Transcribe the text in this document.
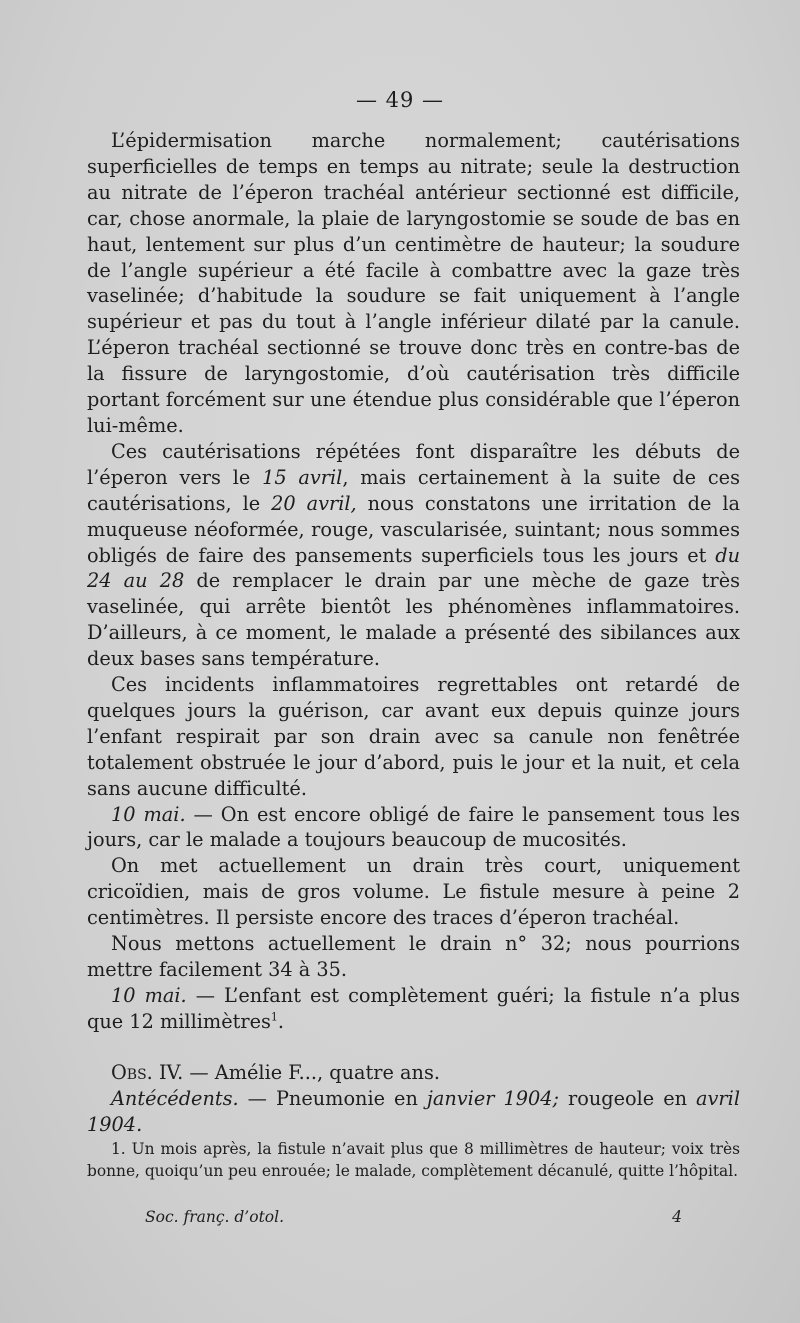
— 49 —

L’épidermisation marche normalement; cautérisations superficielles de temps en temps au nitrate; seule la destruction au nitrate de l’éperon trachéal antérieur sectionné est difficile, car, chose anormale, la plaie de laryngostomie se soude de bas en haut, lentement sur plus d’un centimètre de hauteur; la soudure de l’angle supérieur a été facile à combattre avec la gaze très vaselinée; d’habitude la soudure se fait uniquement à l’angle supérieur et pas du tout à l’angle inférieur dilaté par la canule. L’éperon trachéal sectionné se trouve donc très en contre-bas de la fissure de laryngostomie, d’où cautérisation très difficile portant forcément sur une étendue plus considérable que l’éperon lui-même.

Ces cautérisations répétées font disparaître les débuts de l’éperon vers le 15 avril, mais certainement à la suite de ces cautérisations, le 20 avril, nous constatons une irritation de la muqueuse néoformée, rouge, vascularisée, suintant; nous sommes obligés de faire des pansements superficiels tous les jours et du 24 au 28 de remplacer le drain par une mèche de gaze très vaselinée, qui arrête bientôt les phénomènes inflammatoires. D’ailleurs, à ce moment, le malade a présenté des sibilances aux deux bases sans température.

Ces incidents inflammatoires regrettables ont retardé de quelques jours la guérison, car avant eux depuis quinze jours l’enfant respirait par son drain avec sa canule non fenêtrée totalement obstruée le jour d’abord, puis le jour et la nuit, et cela sans aucune difficulté.

10 mai. — On est encore obligé de faire le pansement tous les jours, car le malade a toujours beaucoup de mucosités.

On met actuellement un drain très court, uniquement cricoïdien, mais de gros volume. Le fistule mesure à peine 2 centimètres. Il persiste encore des traces d’éperon trachéal.

Nous mettons actuellement le drain n° 32; nous pourrions mettre facilement 34 à 35.

10 mai. — L’enfant est complètement guéri; la fistule n’a plus que 12 millimètres$^1$.

Obs. IV. — Amélie F..., quatre ans.

Antécédents. — Pneumonie en janvier 1904; rougeole en avril 1904.

1. Un mois après, la fistule n’avait plus que 8 millimètres de hauteur; voix très bonne, quoiqu’un peu enrouée; le malade, complètement décanulé, quitte l’hôpital.

Soc. franç. d’otol.	4
